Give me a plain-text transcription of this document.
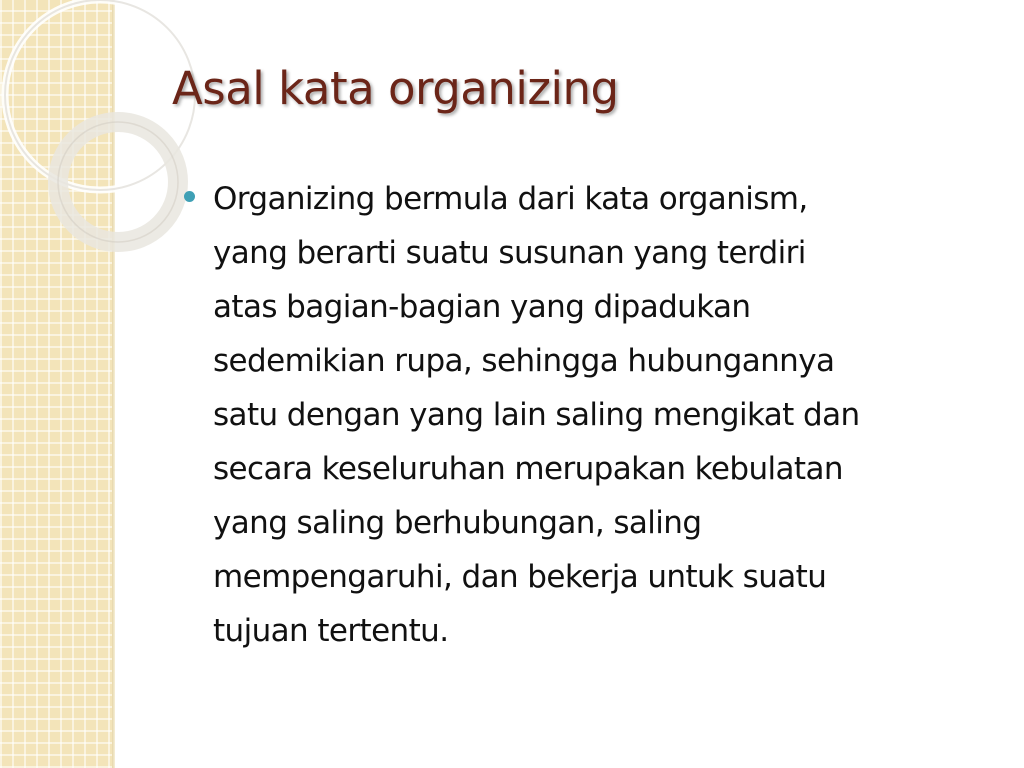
Asal kata organizing

Organizing bermula dari kata organism,
yang berarti suatu susunan yang terdiri
atas bagian-bagian yang dipadukan
sedemikian rupa, sehingga hubungannya
satu dengan yang lain saling mengikat dan
secara keseluruhan merupakan kebulatan
yang saling berhubungan, saling
mempengaruhi, dan bekerja untuk suatu
tujuan tertentu.
